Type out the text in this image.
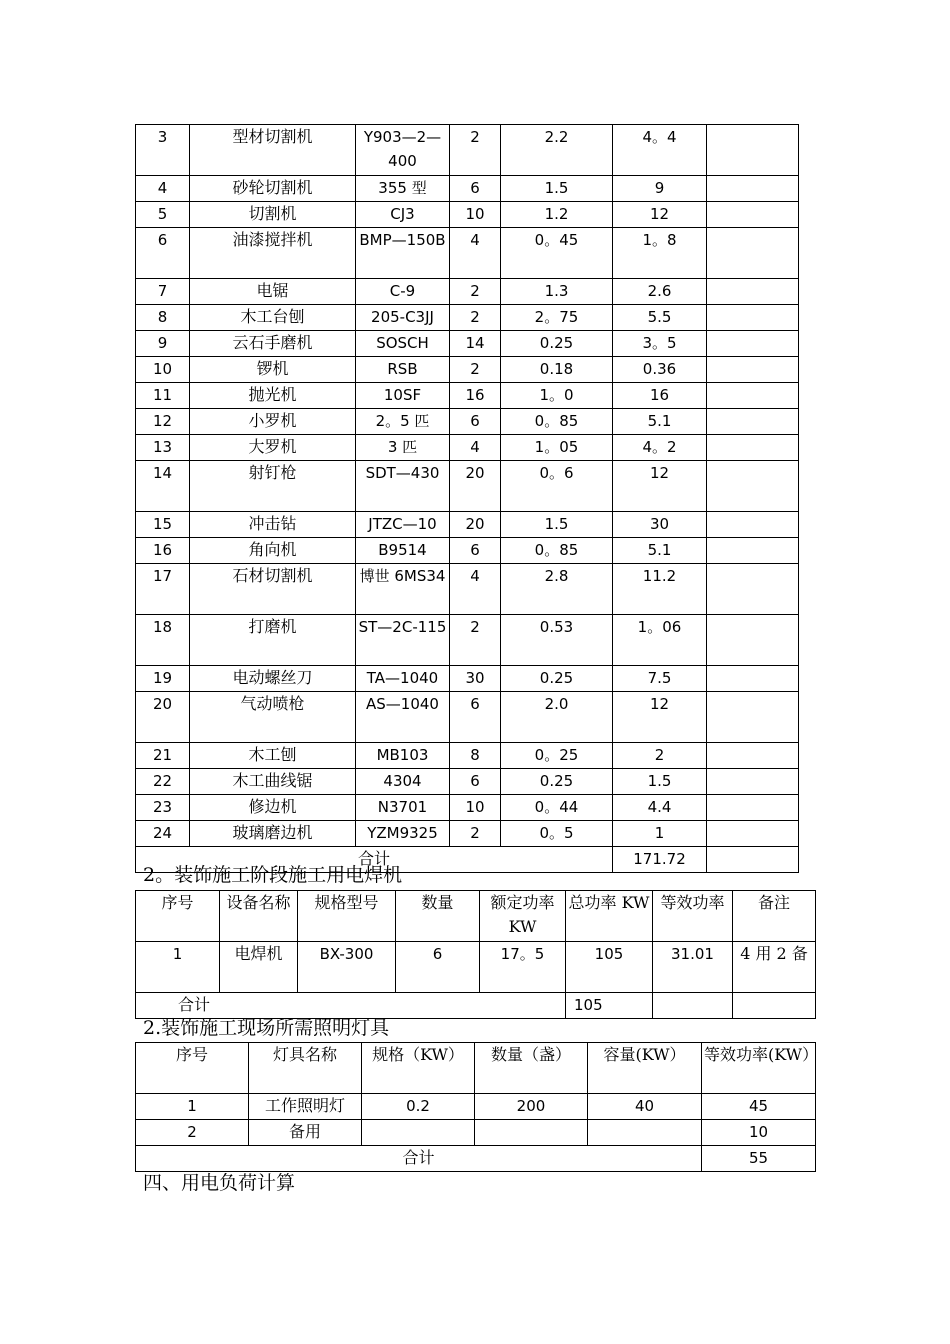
3	型材切割机	Y903—2—400	2	2.2	4。4	
4	砂轮切割机	355 型	6	1.5	9	
5	切割机	CJ3	10	1.2	12	
6	油漆搅拌机	BMP—150B	4	0。45	1。8	
7	电锯	C-9	2	1.3	2.6	
8	木工台刨	205-C3JJ	2	2。75	5.5	
9	云石手磨机	SOSCH	14	0.25	3。5	
10	锣机	RSB	2	0.18	0.36	
11	抛光机	10SF	16	1。0	16	
12	小罗机	2。5 匹	6	0。85	5.1	
13	大罗机	3 匹	4	1。05	4。2	
14	射钉枪	SDT—430	20	0。6	12	
15	冲击钻	JTZC—10	20	1.5	30	
16	角向机	B9514	6	0。85	5.1	
17	石材切割机	博世 6MS34	4	2.8	11.2	
18	打磨机	ST—2C-115	2	0.53	1。06	
19	电动螺丝刀	TA—1040	30	0.25	7.5	
20	气动喷枪	AS—1040	6	2.0	12	
21	木工刨	MB103	8	0。25	2	
22	木工曲线锯	4304	6	0.25	1.5	
23	修边机	N3701	10	0。44	4.4	
24	玻璃磨边机	YZM9325	2	0。5	1	
合计					171.72	
2。装饰施工阶段施工用电焊机
序号	设备名称	规格型号	数量	额定功率 KW	总功率 KW	等效功率	备注
1	电焊机	BX-300	6	17。5	105	31.01	4 用 2 备
合计					105		
2.装饰施工现场所需照明灯具
序号	灯具名称	规格（KW）	数量（盏）	容量(KW）	等效功率(KW）
1	工作照明灯	0.2	200	40	45
2	备用				10
合计					55
四、用电负荷计算
